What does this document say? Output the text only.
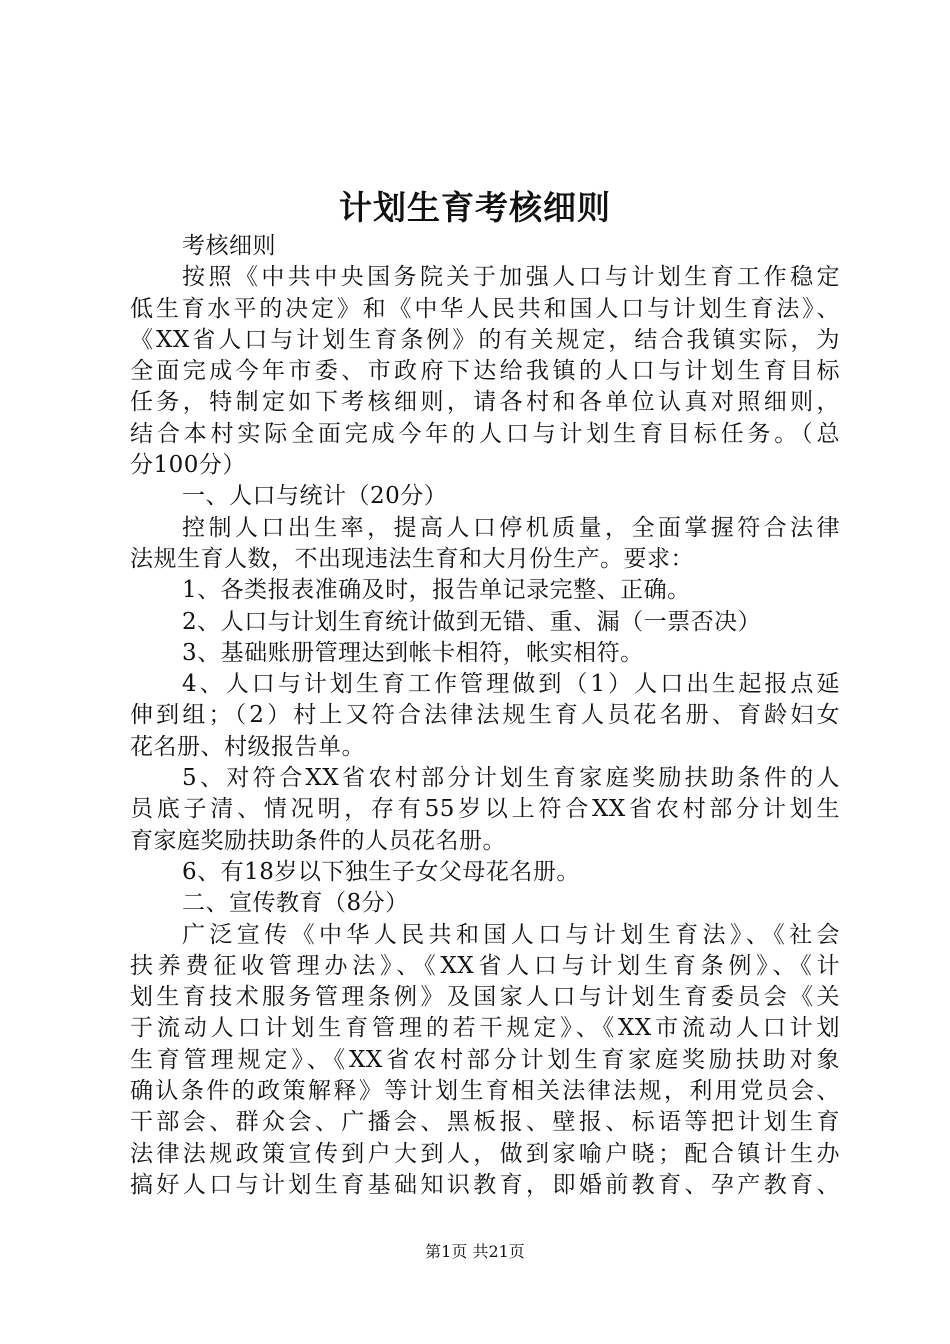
计划生育考核细则
考核细则
按照《中共中央国务院关于加强人口与计划生育工作稳定
低生育水平的决定》和《中华人民共和国人口与计划生育法》、
《XX省人口与计划生育条例》的有关规定，结合我镇实际，为
全面完成今年市委、市政府下达给我镇的人口与计划生育目标
任务，特制定如下考核细则，请各村和各单位认真对照细则，
结合本村实际全面完成今年的人口与计划生育目标任务。（总
分100分）
一、人口与统计（20分）
控制人口出生率，提高人口停机质量，全面掌握符合法律
法规生育人数，不出现违法生育和大月份生产。要求：
1、各类报表准确及时，报告单记录完整、正确。
2、人口与计划生育统计做到无错、重、漏（一票否决）
3、基础账册管理达到帐卡相符，帐实相符。
4、人口与计划生育工作管理做到（1）人口出生起报点延
伸到组；（2）村上又符合法律法规生育人员花名册、育龄妇女
花名册、村级报告单。
5、对符合XX省农村部分计划生育家庭奖励扶助条件的人
员底子清、情况明，存有55岁以上符合XX省农村部分计划生
育家庭奖励扶助条件的人员花名册。
6、有18岁以下独生子女父母花名册。
二、宣传教育（8分）
广泛宣传《中华人民共和国人口与计划生育法》、《社会
扶养费征收管理办法》、《XX省人口与计划生育条例》、《计
划生育技术服务管理条例》及国家人口与计划生育委员会《关
于流动人口计划生育管理的若干规定》、《XX市流动人口计划
生育管理规定》、《XX省农村部分计划生育家庭奖励扶助对象
确认条件的政策解释》等计划生育相关法律法规，利用党员会、
干部会、群众会、广播会、黑板报、壁报、标语等把计划生育
法律法规政策宣传到户大到人，做到家喻户晓；配合镇计生办
搞好人口与计划生育基础知识教育，即婚前教育、孕产教育、
第1页 共21页
